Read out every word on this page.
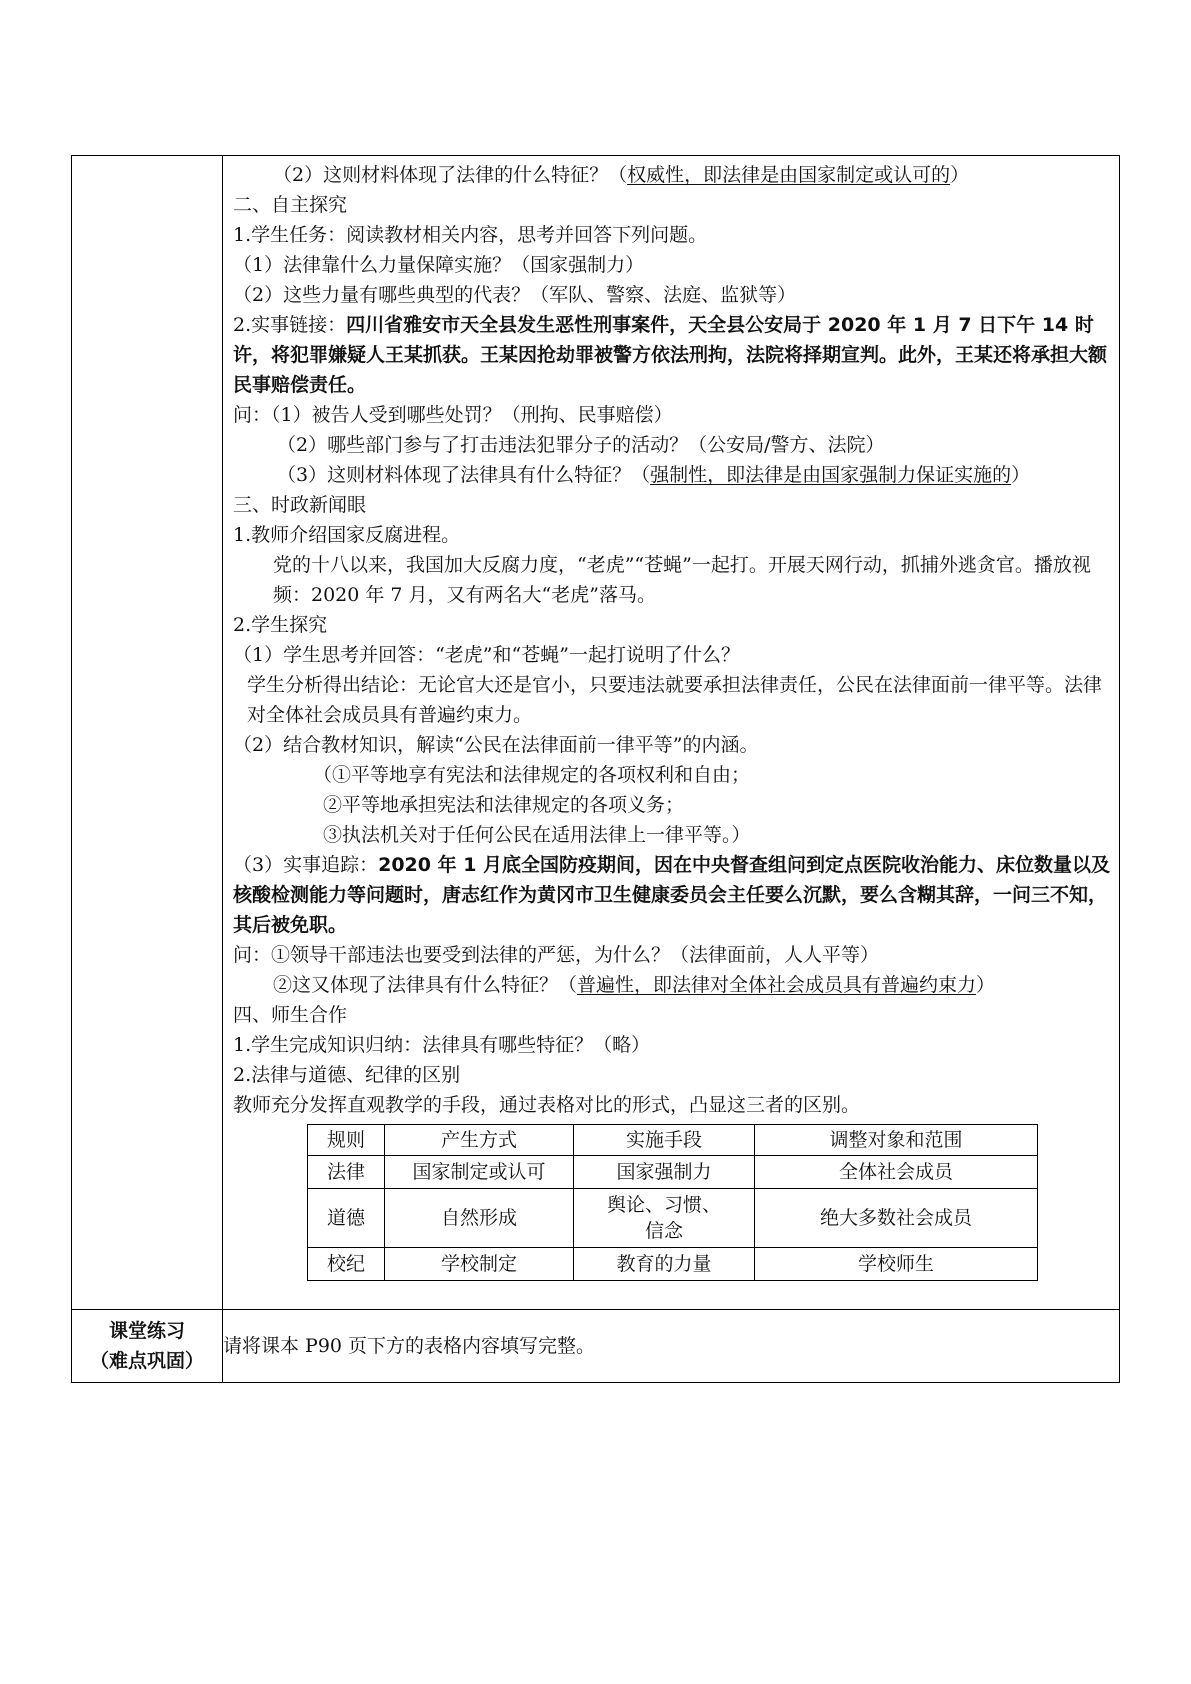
（2）这则材料体现了法律的什么特征？（权威性，即法律是由国家制定或认可的）
二、自主探究
1.学生任务：阅读教材相关内容，思考并回答下列问题。
（1）法律靠什么力量保障实施？（国家强制力）
（2）这些力量有哪些典型的代表？（军队、警察、法庭、监狱等）
2.实事链接：四川省雅安市天全县发生恶性刑事案件，天全县公安局于 2020 年 1 月 7 日下午 14 时许，将犯罪嫌疑人王某抓获。王某因抢劫罪被警方依法刑拘，法院将择期宣判。此外，王某还将承担大额民事赔偿责任。
问：（1）被告人受到哪些处罚？（刑拘、民事赔偿）
（2）哪些部门参与了打击违法犯罪分子的活动？（公安局/警方、法院）
（3）这则材料体现了法律具有什么特征？（强制性，即法律是由国家强制力保证实施的）
三、时政新闻眼
1.教师介绍国家反腐进程。
党的十八以来，我国加大反腐力度，“老虎”“苍蝇”一起打。开展天网行动，抓捕外逃贪官。播放视频：2020 年 7 月，又有两名大“老虎”落马。
2.学生探究
（1）学生思考并回答：“老虎”和“苍蝇”一起打说明了什么？
学生分析得出结论：无论官大还是官小，只要违法就要承担法律责任，公民在法律面前一律平等。法律对全体社会成员具有普遍约束力。
（2）结合教材知识，解读“公民在法律面前一律平等”的内涵。
（①平等地享有宪法和法律规定的各项权利和自由；
②平等地承担宪法和法律规定的各项义务；
③执法机关对于任何公民在适用法律上一律平等。）
（3）实事追踪：2020 年 1 月底全国防疫期间，因在中央督查组问到定点医院收治能力、床位数量以及核酸检测能力等问题时，唐志红作为黄冈市卫生健康委员会主任要么沉默，要么含糊其辞，一问三不知，其后被免职。
问：①领导干部违法也要受到法律的严惩，为什么？（法律面前，人人平等）
②这又体现了法律具有什么特征？（普遍性，即法律对全体社会成员具有普遍约束力）
四、师生合作
1.学生完成知识归纳：法律具有哪些特征？（略）
2.法律与道德、纪律的区别
教师充分发挥直观教学的手段，通过表格对比的形式，凸显这三者的区别。
规则	产生方式	实施手段	调整对象和范围
法律	国家制定或认可	国家强制力	全体社会成员
道德	自然形成	舆论、习惯、信念	绝大多数社会成员
校纪	学校制定	教育的力量	学校师生

课堂练习
（难点巩固）
	请将课本 P90 页下方的表格内容填写完整。
